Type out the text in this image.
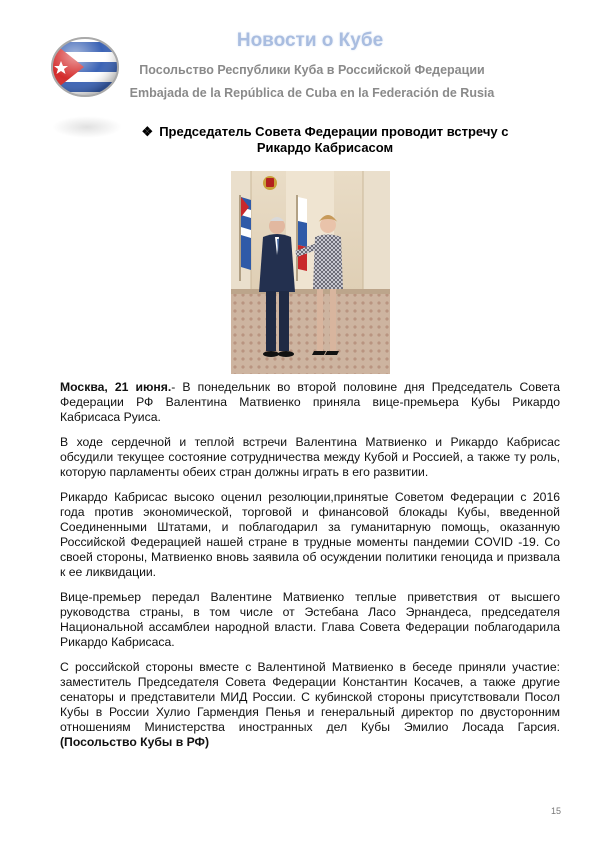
Новости о Кубе
Посольство Республики Куба в Российской Федерации
Embajada de la República de Cuba en la Federación de Rusia
❖ Председатель Совета Федерации проводит встречу с Рикардо Кабрисасом

Москва, 21 июня.- В понедельник во второй половине дня Председатель Совета Федерации РФ Валентина Матвиенко приняла вице-премьера Кубы Рикардо Кабрисаса Руиса.

В ходе сердечной и теплой встречи Валентина Матвиенко и Рикардо Кабрисас обсудили текущее состояние сотрудничества между Кубой и Россией, а также ту роль, которую парламенты обеих стран должны играть в его развитии.

Рикардо Кабрисас высоко оценил резолюции,принятые Советом Федерации с 2016 года против экономической, торговой и финансовой блокады Кубы, введенной Соединенными Штатами, и поблагодарил за гуманитарную помощь, оказанную Российской Федерацией нашей стране в трудные моменты пандемии COVID -19. Со своей стороны, Матвиенко вновь заявила об осуждении политики геноцида и призвала к ее ликвидации.

Вице-премьер передал Валентине Матвиенко теплые приветствия от высшего руководства страны, в том числе от Эстебана Ласо Эрнандеса, председателя Национальной ассамблеи народной власти. Глава Совета Федерации поблагодарила Рикардо Кабрисаса.

С российской стороны вместе с Валентиной Матвиенко в беседе приняли участие: заместитель Председателя Совета Федерации Константин Косачев, а также другие сенаторы и представители МИД России. С кубинской стороны присутствовали Посол Кубы в России Хулио Гармендия Пенья и генеральный директор по двусторонним отношениям Министерства иностранных дел Кубы Эмилио Лосада Гарсия. (Посольство Кубы в РФ)

15
